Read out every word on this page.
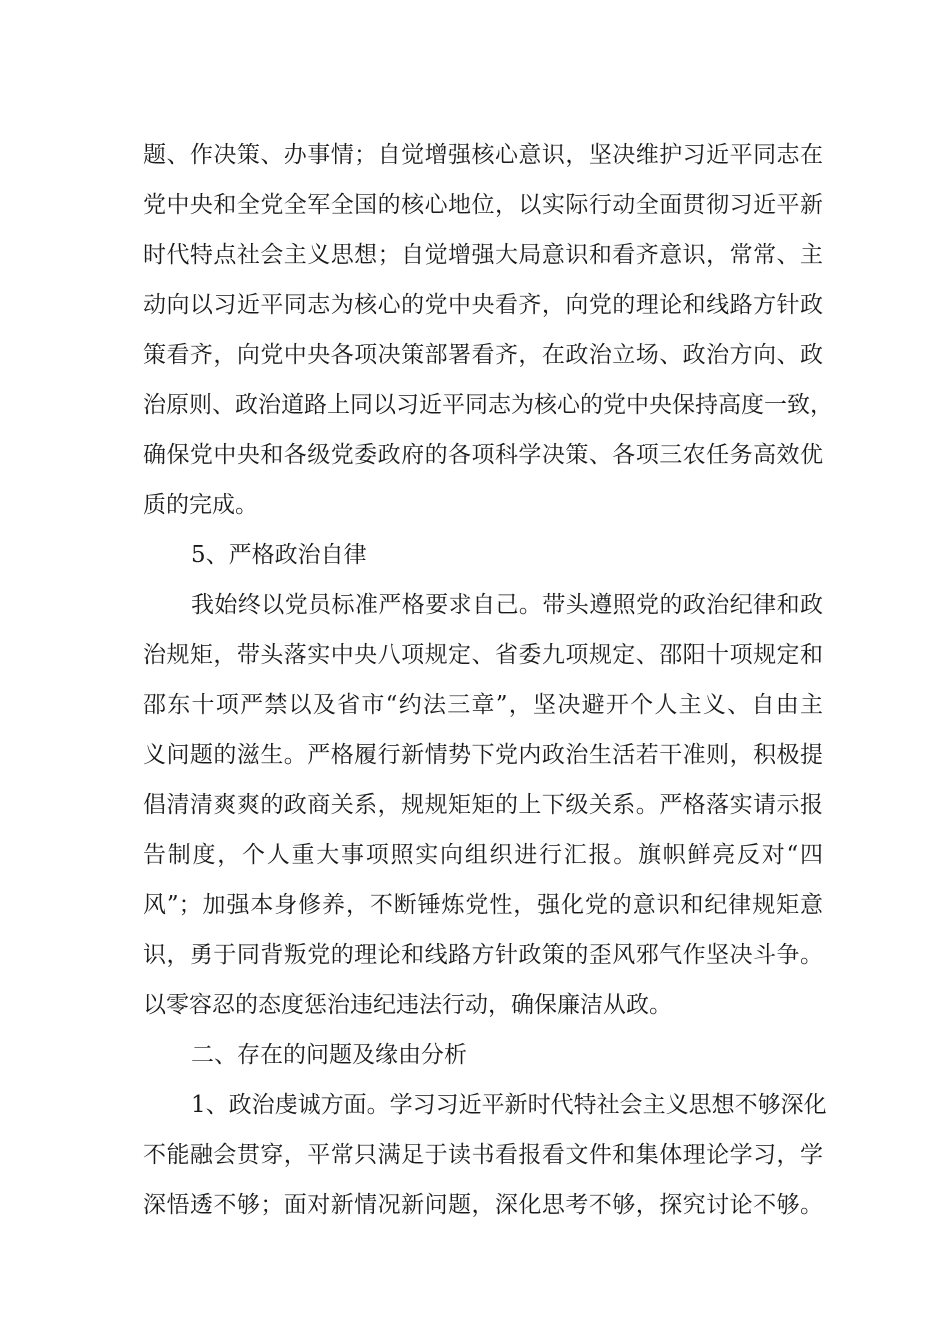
题、作决策、办事情；自觉增强核心意识，坚决维护习近平同志在

党中央和全党全军全国的核心地位，以实际行动全面贯彻习近平新

时代特点社会主义思想；自觉增强大局意识和看齐意识，常常、主

动向以习近平同志为核心的党中央看齐，向党的理论和线路方针政

策看齐，向党中央各项决策部署看齐，在政治立场、政治方向、政

治原则、政治道路上同以习近平同志为核心的党中央保持高度一致，

确保党中央和各级党委政府的各项科学决策、各项三农任务高效优

质的完成。

5、严格政治自律

我始终以党员标准严格要求自己。带头遵照党的政治纪律和政

治规矩，带头落实中央八项规定、省委九项规定、邵阳十项规定和

邵东十项严禁以及省市“约法三章”，坚决避开个人主义、自由主

义问题的滋生。严格履行新情势下党内政治生活若干准则，积极提

倡清清爽爽的政商关系，规规矩矩的上下级关系。严格落实请示报

告制度，个人重大事项照实向组织进行汇报。旗帜鲜亮反对“四

风”；加强本身修养，不断锤炼党性，强化党的意识和纪律规矩意

识，勇于同背叛党的理论和线路方针政策的歪风邪气作坚决斗争。

以零容忍的态度惩治违纪违法行动，确保廉洁从政。

二、存在的问题及缘由分析

1、政治虔诚方面。学习习近平新时代特社会主义思想不够深化

不能融会贯穿，平常只满足于读书看报看文件和集体理论学习，学

深悟透不够；面对新情况新问题，深化思考不够，探究讨论不够。
